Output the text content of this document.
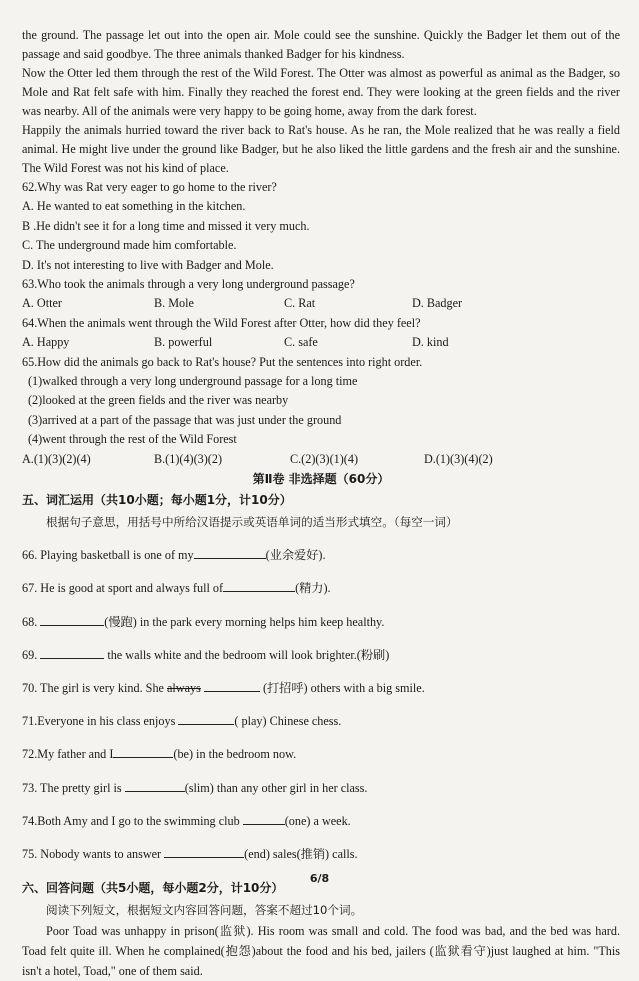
the ground. The passage let out into the open air. Mole could see the sunshine. Quickly the Badger let them out of the passage and said goodbye. The three animals thanked Badger for his kindness.

Now the Otter led them through the rest of the Wild Forest. The Otter was almost as powerful as animal as the Badger, so Mole and Rat felt safe with him. Finally they reached the forest end. They were looking at the green fields and the river was nearby. All of the animals were very happy to be going home, away from the dark forest.

Happily the animals hurried toward the river back to Rat's house. As he ran, the Mole realized that he was really a field animal. He might live under the ground like Badger, but he also liked the little gardens and the fresh air and the sunshine. The Wild Forest was not his kind of place.

62.Why was Rat very eager to go home to the river?

A. He wanted to eat something in the kitchen.

B .He didn't see it for a long time and missed it very much.

C. The underground made him comfortable.

D. It's not interesting to live with Badger and Mole.

63.Who took the animals through a very long underground passage?

A. Otter	B. Mole	C. Rat	D. Badger

64.When the animals went through the Wild Forest after Otter, how did they feel?

A. Happy	B. powerful	C. safe	D. kind

65.How did the animals go back to Rat's house? Put the sentences into right order.

(1)walked through a very long underground passage for a long time

(2)looked at the green fields and the river was nearby

(3)arrived at a part of the passage that was just under the ground

(4)went through the rest of the Wild Forest

A.(1)(3)(2)(4)	B.(1)(4)(3)(2)	C.(2)(3)(1)(4)	D.(1)(3)(4)(2)
第Ⅱ卷 非选择题（60分）
五、词汇运用（共10小题；每小题1分，计10分）
根据句子意思，用括号中所给汉语提示或英语单词的适当形式填空。（每空一词）

66. Playing basketball is one of my	(业余爱好).

67. He is good at sport and always full of	(精力).

68.	(慢跑) in the park every morning helps him keep healthy.

69.	the walls white and the bedroom will look brighter.(粉刷)

70. The girl is very kind. She always	(打招呼) others with a big smile.

71.Everyone in his class enjoys	( play) Chinese chess.

72.My father and I	(be) in the bedroom now.

73. The pretty girl is	(slim) than any other girl in her class.

74.Both Amy and I go to the swimming club	(one) a week.

75. Nobody wants to answer	(end) sales(推销) calls.

六、回答问题（共5小题，每小题2分，计10分）
阅读下列短文，根据短文内容回答问题，答案不超过10个词。

Poor Toad was unhappy in prison(监狱). His room was small and cold. The food was bad, and the bed was hard. Toad felt quite ill. When he complained(抱怨)about the food and his bed, jailers (监狱看守)just laughed at him. "This isn't a hotel, Toad," one of them said.

6/8
